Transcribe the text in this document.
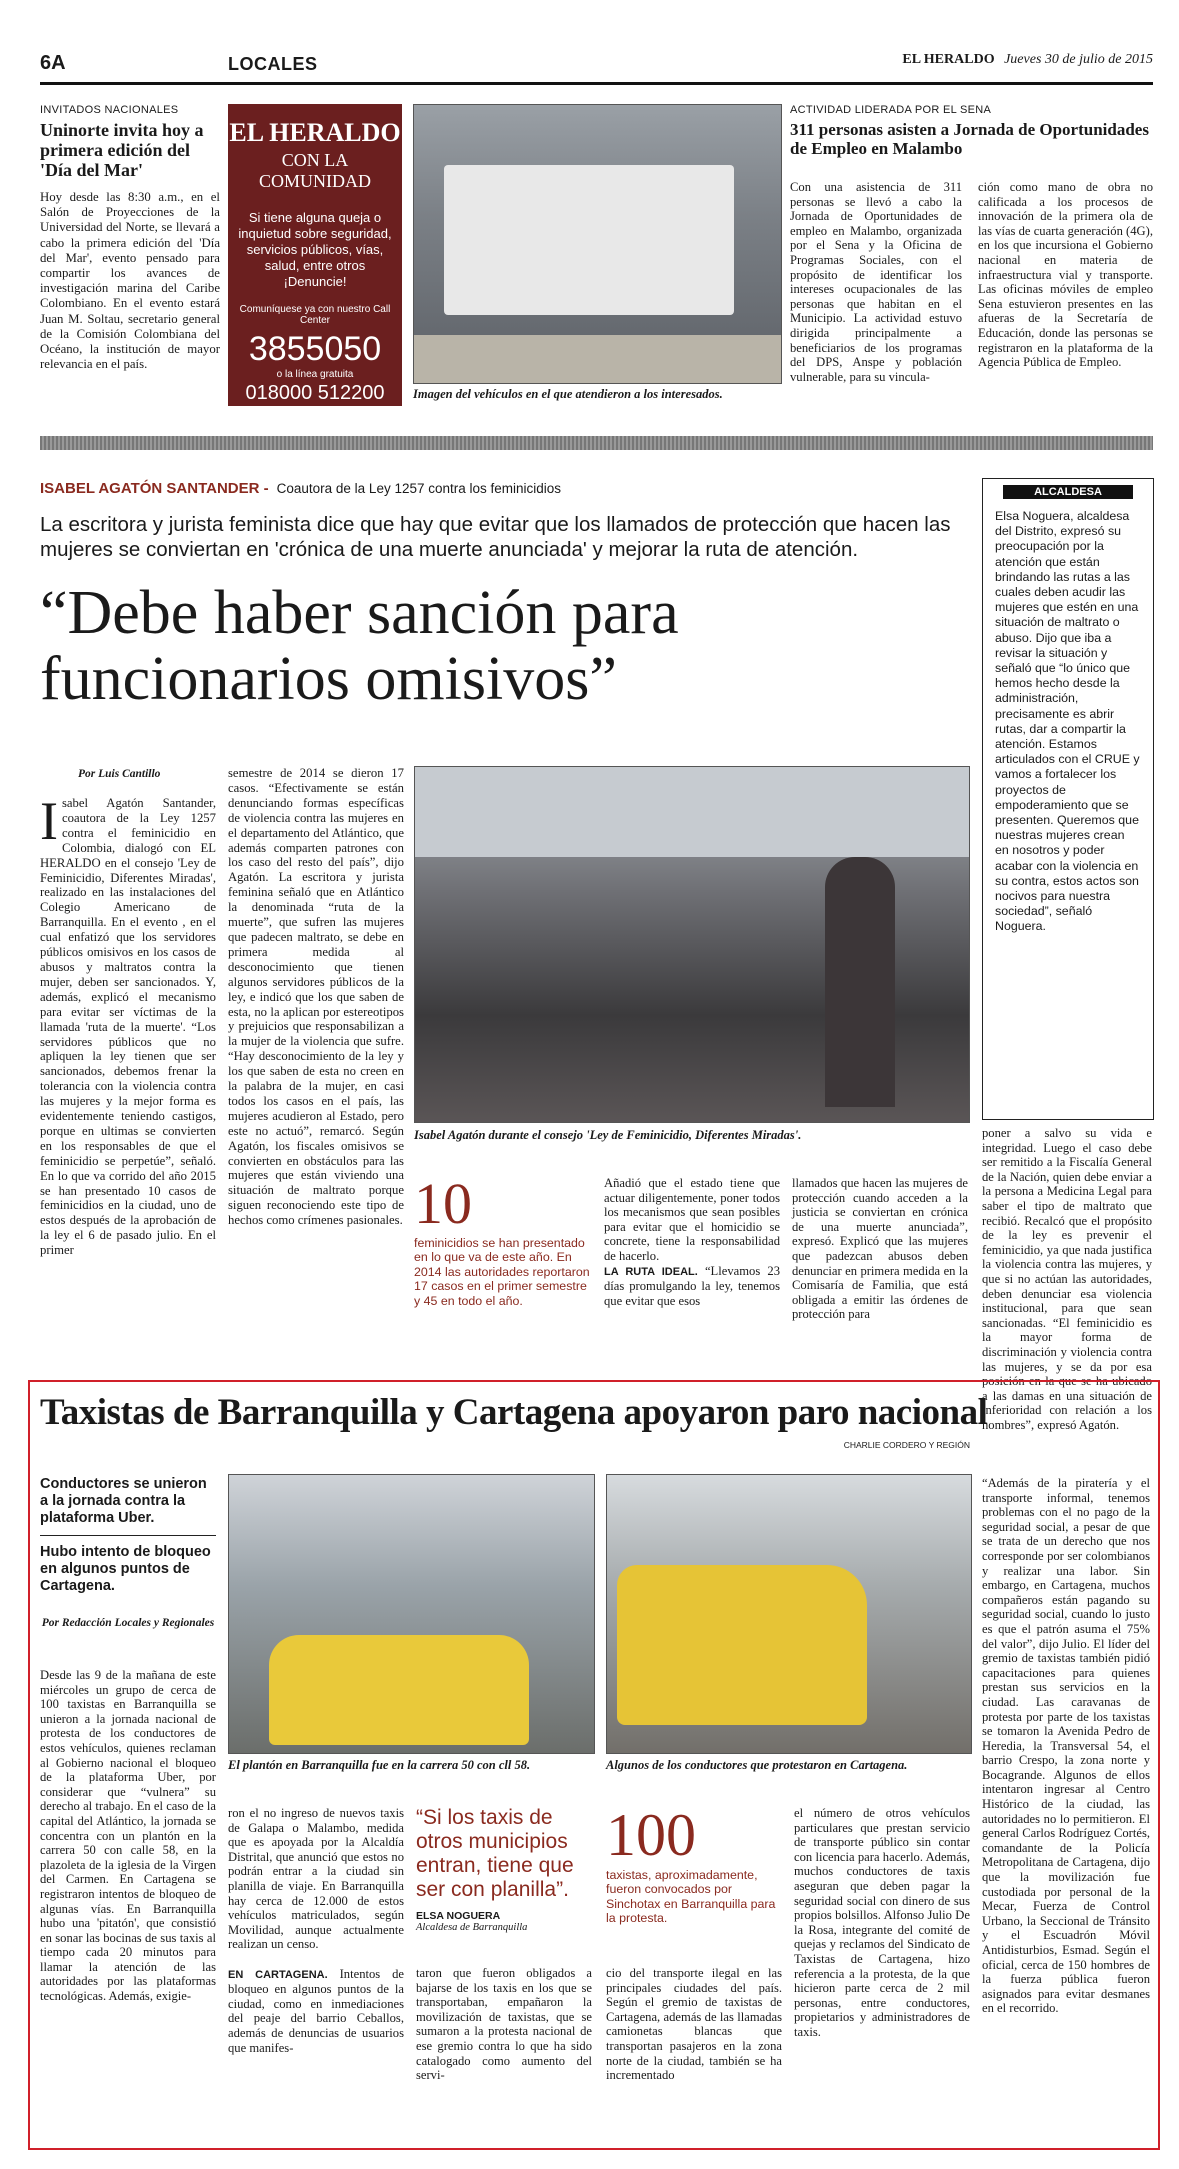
6A	LOCALES	EL HERALDO Jueves 30 de julio de 2015
INVITADOS NACIONALES
Uninorte invita hoy a primera edición del 'Día del Mar'
Hoy desde las 8:30 a.m., en el Salón de Proyecciones de la Universidad del Norte, se llevará a cabo la primera edición del 'Día del Mar', evento pensado para compartir los avances de investigación marina del Caribe Colombiano. En el evento estará Juan M. Soltau, secretario general de la Comisión Colombiana del Océano, la institución de mayor relevancia en el país.
EL HERALDO
CON LA COMUNIDAD
Si tiene alguna queja o inquietud sobre seguridad, servicios públicos, vías, salud, entre otros ¡Denuncie!
Comuníquese ya con nuestro Call Center
3855050
o la línea gratuita
018000 512200	Imagen del vehículos en el que atendieron a los interesados.
ACTIVIDAD LIDERADA POR EL SENA
311 personas asisten a Jornada de Oportunidades de Empleo en Malambo
Con una asistencia de 311 personas se llevó a cabo la Jornada de Oportunidades de empleo en Malambo, organizada por el Sena y la Oficina de Programas Sociales, con el propósito de identificar los intereses ocupacionales de las personas que habitan en el Municipio. La actividad estuvo dirigida principalmente a beneficiarios de los programas del DPS, Anspe y población vulnerable, para su vincula-
ción como mano de obra no calificada a los procesos de innovación de la primera ola de las vías de cuarta generación (4G), en los que incursiona el Gobierno nacional en materia de infraestructura vial y transporte. Las oficinas móviles de empleo Sena estuvieron presentes en las afueras de la Secretaría de Educación, donde las personas se registraron en la plataforma de la Agencia Pública de Empleo.
ISABEL AGATÓN SANTANDER - Coautora de la Ley 1257 contra los feminicidios
La escritora y jurista feminista dice que hay que evitar que los llamados de protección que hacen las mujeres se conviertan en 'crónica de una muerte anunciada' y mejorar la ruta de atención.
“Debe haber sanción para funcionarios omisivos”
ALCALDESA
Elsa Noguera, alcaldesa del Distrito, expresó su preocupación por la atención que están brindando las rutas a las cuales deben acudir las mujeres que estén en una situación de maltrato o abuso. Dijo que iba a revisar la situación y señaló que “lo único que hemos hecho desde la administración, precisamente es abrir rutas, dar a compartir la atención. Estamos articulados con el CRUE y vamos a fortalecer los proyectos de empoderamiento que se presenten. Queremos que nuestras mujeres crean en nosotros y poder acabar con la violencia en su contra, estos actos son nocivos para nuestra sociedad”, señaló Noguera.
Por Luis Cantillo
Isabel Agatón Santander, coautora de la Ley 1257 contra el feminicidio en Colombia, dialogó con EL HERALDO en el consejo 'Ley de Feminicidio, Diferentes Miradas', realizado en las instalaciones del Colegio Americano de Barranquilla. En el evento , en el cual enfatizó que los servidores públicos omisivos en los casos de abusos y maltratos contra la mujer, deben ser sancionados. Y, además, explicó el mecanismo para evitar ser víctimas de la llamada 'ruta de la muerte'. “Los servidores públicos que no apliquen la ley tienen que ser sancionados, debemos frenar la tolerancia con la violencia contra las mujeres y la mejor forma es evidentemente teniendo castigos, porque en ultimas se convierten en los responsables de que el feminicidio se perpetúe”, señaló. En lo que va corrido del año 2015 se han presentado 10 casos de feminicidios en la ciudad, uno de estos después de la aprobación de la ley el 6 de pasado julio. En el primer
semestre de 2014 se dieron 17 casos. “Efectivamente se están denunciando formas específicas de violencia contra las mujeres en el departamento del Atlántico, que además comparten patrones con los caso del resto del país”, dijo Agatón. La escritora y jurista feminina señaló que en Atlántico la denominada “ruta de la muerte”, que sufren las mujeres que padecen maltrato, se debe en primera medida al desconocimiento que tienen algunos servidores públicos de la ley, e indicó que los que saben de esta, no la aplican por estereotipos y prejuicios que responsabilizan a la mujer de la violencia que sufre. “Hay desconocimiento de la ley y los que saben de esta no creen en la palabra de la mujer, en casi todos los casos en el país, las mujeres acudieron al Estado, pero este no actuó”, remarcó. Según Agatón, los fiscales omisivos se convierten en obstáculos para las mujeres que están viviendo una situación de maltrato porque siguen reconociendo este tipo de hechos como crímenes pasionales.
Isabel Agatón durante el consejo 'Ley de Feminicidio, Diferentes Miradas'.
10
feminicidios se han presentado en lo que va de este año. En 2014 las autoridades reportaron 17 casos en el primer semestre y 45 en todo el año.
Añadió que el estado tiene que actuar diligentemente, poner todos los mecanismos que sean posibles para evitar que el homicidio se concrete, tiene la responsabilidad de hacerlo.
LA RUTA IDEAL. “Llevamos 23 días promulgando la ley, tenemos que evitar que esos
llamados que hacen las mujeres de protección cuando acceden a la justicia se conviertan en crónica de una muerte anunciada”, expresó. Explicó que las mujeres que padezcan abusos deben denunciar en primera medida en la Comisaría de Familia, que está obligada a emitir las órdenes de protección para
poner a salvo su vida e integridad. Luego el caso debe ser remitido a la Fiscalía General de la Nación, quien debe enviar a la persona a Medicina Legal para saber el tipo de maltrato que recibió. Recalcó que el propósito de la ley es prevenir el feminicidio, ya que nada justifica la violencia contra las mujeres, y que si no actúan las autoridades, deben denunciar esa violencia institucional, para que sean sancionadas. “El feminicidio es la mayor forma de discriminación y violencia contra las mujeres, y se da por esa posición en la que se ha ubicado a las damas en una situación de inferioridad con relación a los hombres”, expresó Agatón.
Taxistas de Barranquilla y Cartagena apoyaron paro nacional
CHARLIE CORDERO Y REGIÓN
Conductores se unieron a la jornada contra la plataforma Uber.
Hubo intento de bloqueo en algunos puntos de Cartagena.
Por Redacción Locales y Regionales
Desde las 9 de la mañana de este miércoles un grupo de cerca de 100 taxistas en Barranquilla se unieron a la jornada nacional de protesta de los conductores de estos vehículos, quienes reclaman al Gobierno nacional el bloqueo de la plataforma Uber, por considerar que “vulnera” su derecho al trabajo. En el caso de la capital del Atlántico, la jornada se concentra con un plantón en la carrera 50 con calle 58, en la plazoleta de la iglesia de la Virgen del Carmen. En Cartagena se registraron intentos de bloqueo de algunas vías. En Barranquilla hubo una 'pitatón', que consistió en sonar las bocinas de sus taxis al tiempo cada 20 minutos para llamar la atención de las autoridades por las plataformas tecnológicas. Además, exigie-
El plantón en Barranquilla fue en la carrera 50 con cll 58.	Algunos de los conductores que protestaron en Cartagena.
ron el no ingreso de nuevos taxis de Galapa o Malambo, medida que es apoyada por la Alcaldía Distrital, que anunció que estos no podrán entrar a la ciudad sin planilla de viaje. En Barranquilla hay cerca de 12.000 de estos vehículos matriculados, según Movilidad, aunque actualmente realizan un censo.

EN CARTAGENA. Intentos de bloqueo en algunos puntos de la ciudad, como en inmediaciones del peaje del barrio Ceballos, además de denuncias de usuarios que manifes-
“Si los taxis de otros municipios entran, tiene que ser con planilla”.
ELSA NOGUERA
Alcaldesa de Barranquilla
taron que fueron obligados a bajarse de los taxis en los que se transportaban, empañaron la movilización de taxistas, que se sumaron a la protesta nacional de ese gremio contra lo que ha sido catalogado como aumento del servi-
100
taxistas, aproximadamente, fueron convocados por Sinchotax en Barranquilla para la protesta.
cio del transporte ilegal en las principales ciudades del país. Según el gremio de taxistas de Cartagena, además de las llamadas camionetas blancas que transportan pasajeros en la zona norte de la ciudad, también se ha incrementado
el número de otros vehículos particulares que prestan servicio de transporte público sin contar con licencia para hacerlo. Además, muchos conductores de taxis aseguran que deben pagar la seguridad social con dinero de sus propios bolsillos. Alfonso Julio De la Rosa, integrante del comité de quejas y reclamos del Sindicato de Taxistas de Cartagena, hizo referencia a la protesta, de la que hicieron parte cerca de 2 mil personas, entre conductores, propietarios y administradores de taxis.
“Además de la piratería y el transporte informal, tenemos problemas con el no pago de la seguridad social, a pesar de que se trata de un derecho que nos corresponde por ser colombianos y realizar una labor. Sin embargo, en Cartagena, muchos compañeros están pagando su seguridad social, cuando lo justo es que el patrón asuma el 75% del valor”, dijo Julio. El líder del gremio de taxistas también pidió capacitaciones para quienes prestan sus servicios en la ciudad. Las caravanas de protesta por parte de los taxistas se tomaron la Avenida Pedro de Heredia, la Transversal 54, el barrio Crespo, la zona norte y Bocagrande. Algunos de ellos intentaron ingresar al Centro Histórico de la ciudad, las autoridades no lo permitieron. El general Carlos Rodríguez Cortés, comandante de la Policía Metropolitana de Cartagena, dijo que la movilización fue custodiada por personal de la Mecar, Fuerza de Control Urbano, la Seccional de Tránsito y el Escuadrón Móvil Antidisturbios, Esmad. Según el oficial, cerca de 150 hombres de la fuerza pública fueron asignados para evitar desmanes en el recorrido.
